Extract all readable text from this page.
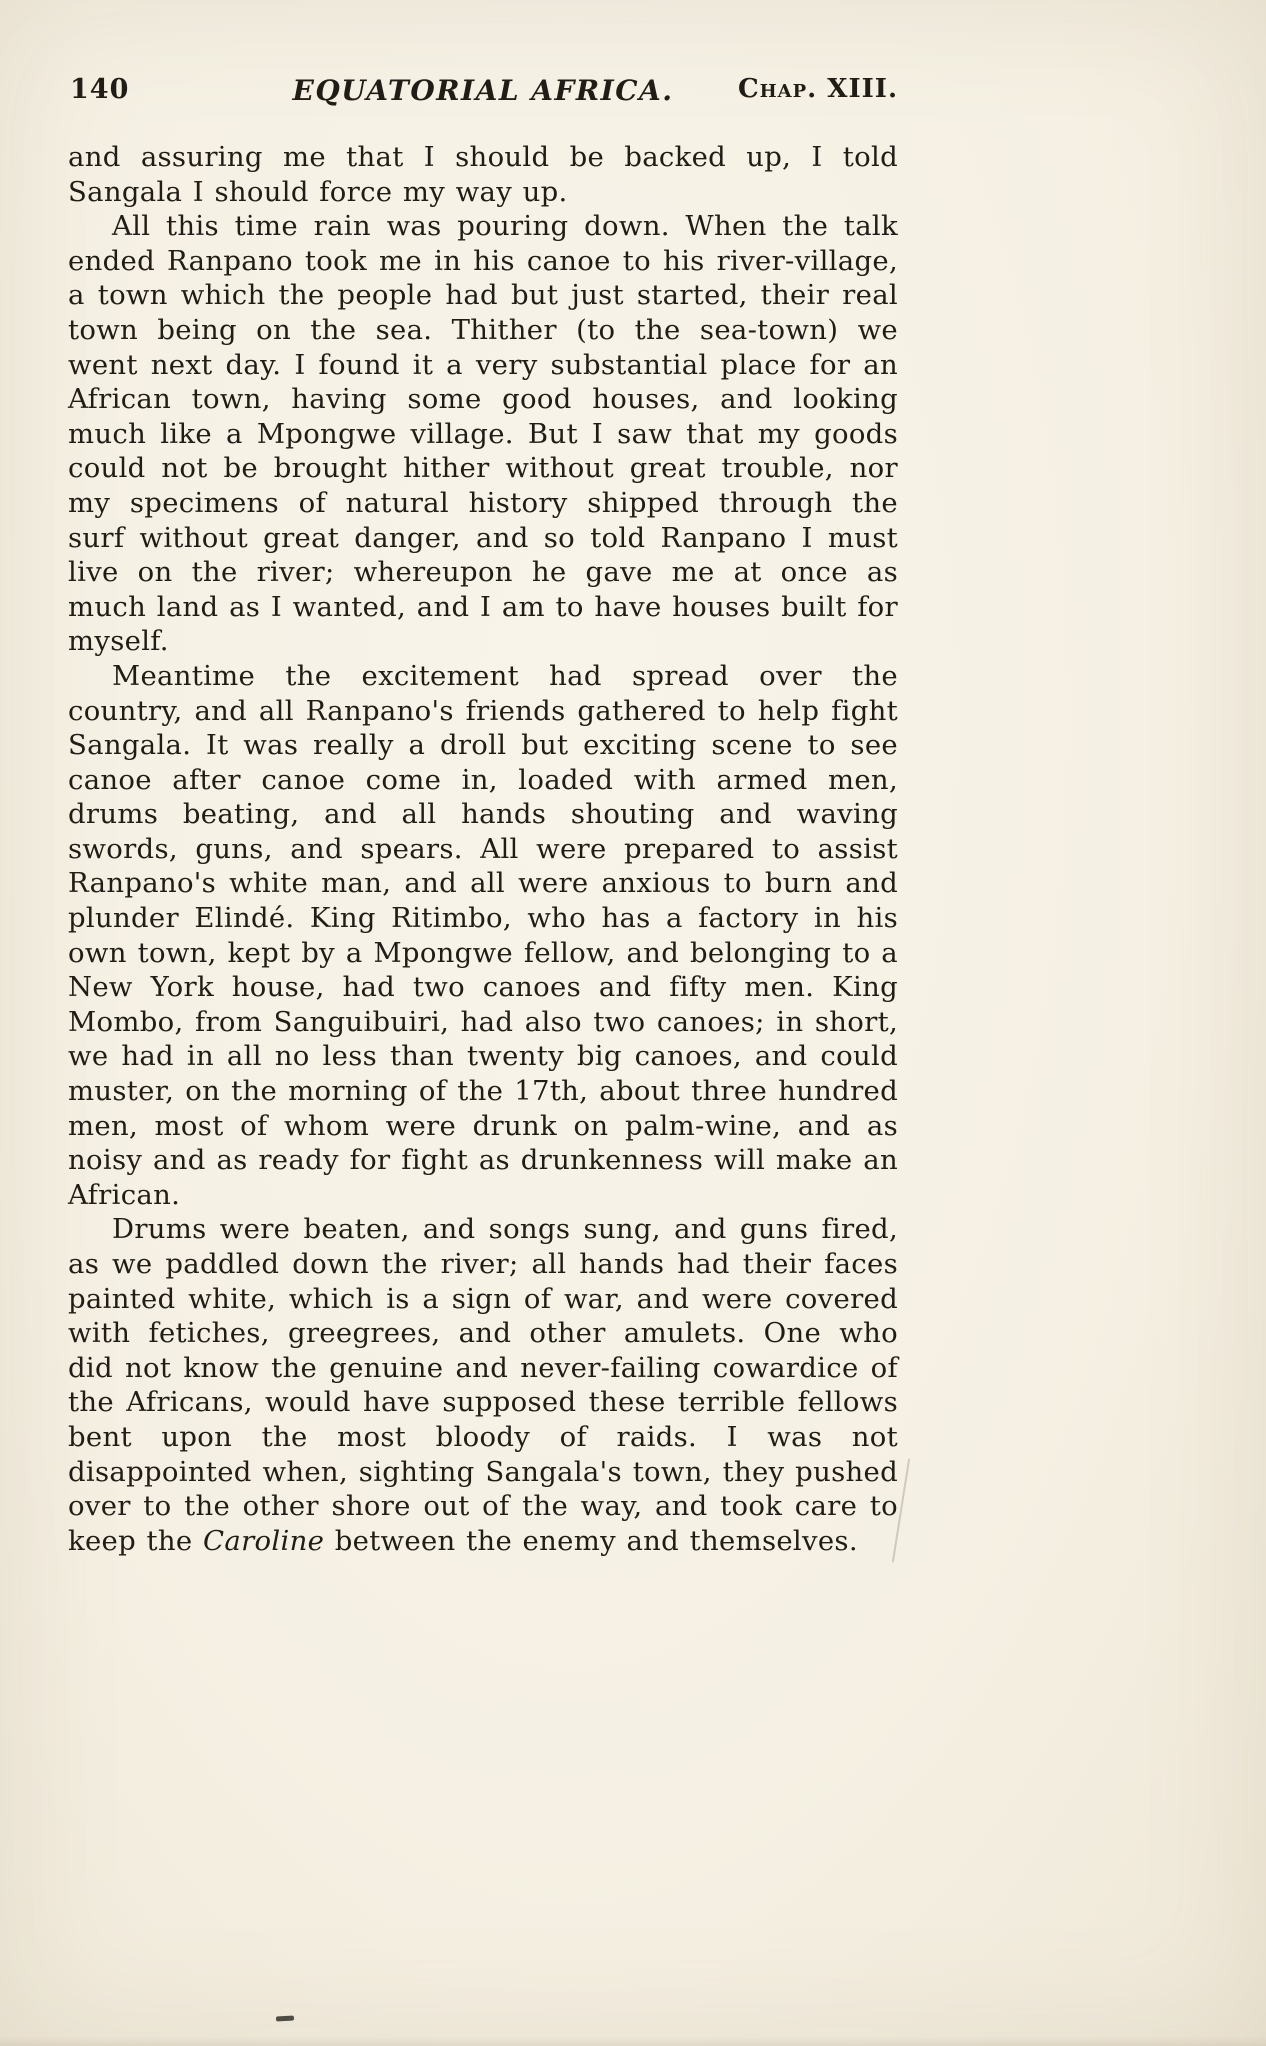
140	EQUATORIAL AFRICA. Chap. XIII.

and assuring me that I should be backed up, I told Sangala I should force my way up.

All this time rain was pouring down. When the talk ended Ranpano took me in his canoe to his river-village, a town which the people had but just started, their real town being on the sea. Thither (to the sea-town) we went next day. I found it a very substantial place for an African town, having some good houses, and looking much like a Mpongwe village. But I saw that my goods could not be brought hither without great trouble, nor my specimens of natural history shipped through the surf without great danger, and so told Ranpano I must live on the river; whereupon he gave me at once as much land as I wanted, and I am to have houses built for myself.

Meantime the excitement had spread over the country, and all Ranpano's friends gathered to help fight Sangala. It was really a droll but exciting scene to see canoe after canoe come in, loaded with armed men, drums beating, and all hands shouting and waving swords, guns, and spears. All were prepared to assist Ranpano's white man, and all were anxious to burn and plunder Elindé. King Ritimbo, who has a factory in his own town, kept by a Mpongwe fellow, and belonging to a New York house, had two canoes and fifty men. King Mombo, from Sanguibuiri, had also two canoes; in short, we had in all no less than twenty big canoes, and could muster, on the morning of the 17th, about three hundred men, most of whom were drunk on palm-wine, and as noisy and as ready for fight as drunkenness will make an African.

Drums were beaten, and songs sung, and guns fired, as we paddled down the river; all hands had their faces painted white, which is a sign of war, and were covered with fetiches, greegrees, and other amulets. One who did not know the genuine and never-failing cowardice of the Africans, would have supposed these terrible fellows bent upon the most bloody of raids. I was not disappointed when, sighting Sangala's town, they pushed over to the other shore out of the way, and took care to keep the Caroline between the enemy and themselves.
